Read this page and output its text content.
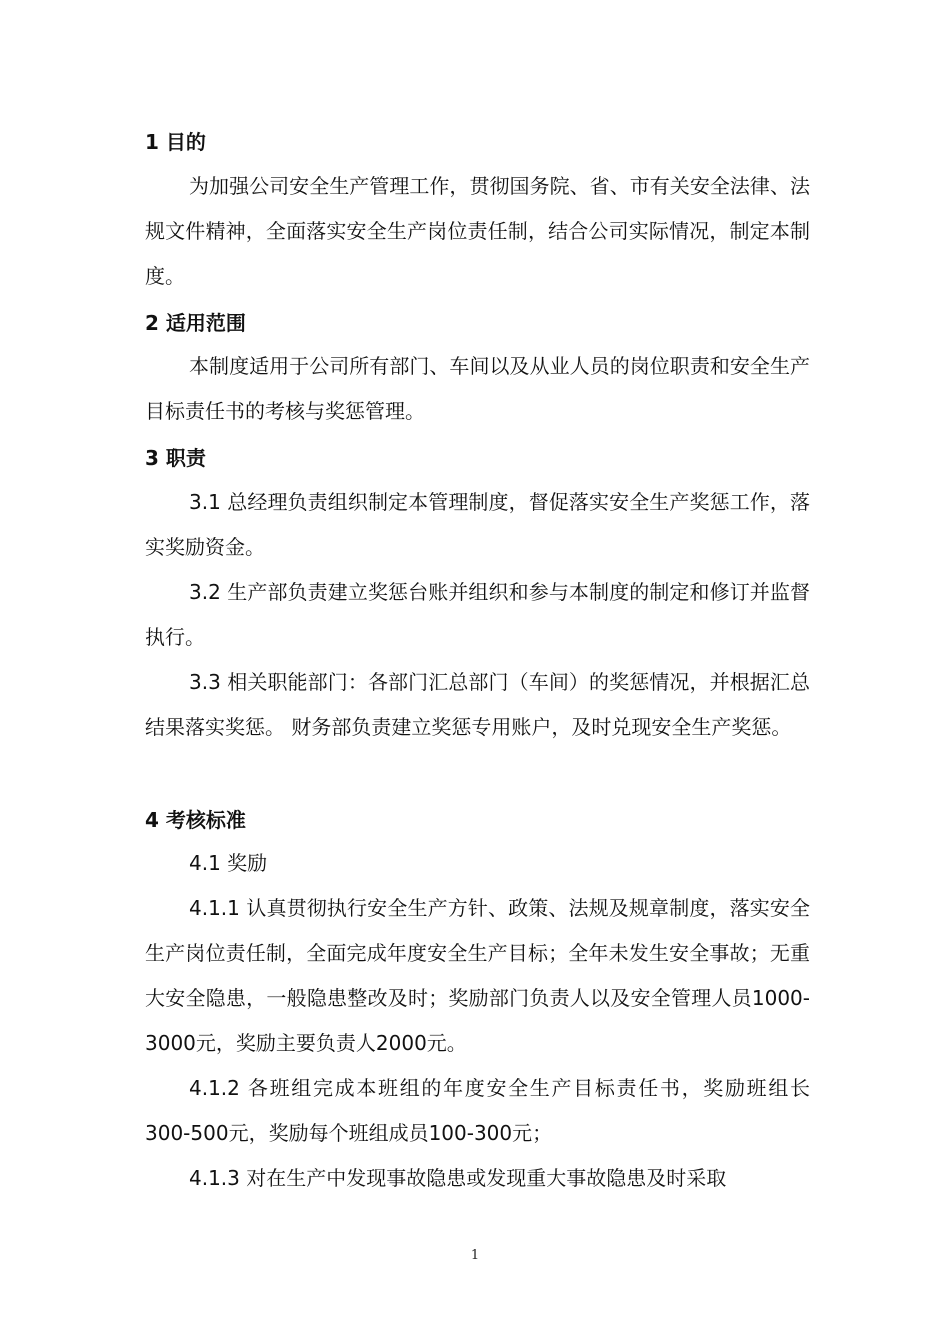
1 目的
为加强公司安全生产管理工作，贯彻国务院、省、市有关安全法律、法规文件精神，全面落实安全生产岗位责任制，结合公司实际情况，制定本制度。
2 适用范围
本制度适用于公司所有部门、车间以及从业人员的岗位职责和安全生产目标责任书的考核与奖惩管理。
3 职责
3.1 总经理负责组织制定本管理制度，督促落实安全生产奖惩工作，落实奖励资金。
3.2 生产部负责建立奖惩台账并组织和参与本制度的制定和修订并监督执行。
3.3 相关职能部门：各部门汇总部门（车间）的奖惩情况，并根据汇总结果落实奖惩。 财务部负责建立奖惩专用账户，及时兑现安全生产奖惩。
4 考核标准
4.1 奖励
4.1.1 认真贯彻执行安全生产方针、政策、法规及规章制度，落实安全生产岗位责任制，全面完成年度安全生产目标；全年未发生安全事故；无重大安全隐患，一般隐患整改及时；奖励部门负责人以及安全管理人员1000-3000元，奖励主要负责人2000元。
4.1.2 各班组完成本班组的年度安全生产目标责任书，奖励班组长300-500元，奖励每个班组成员100-300元；
4.1.3 对在生产中发现事故隐患或发现重大事故隐患及时采取
1
